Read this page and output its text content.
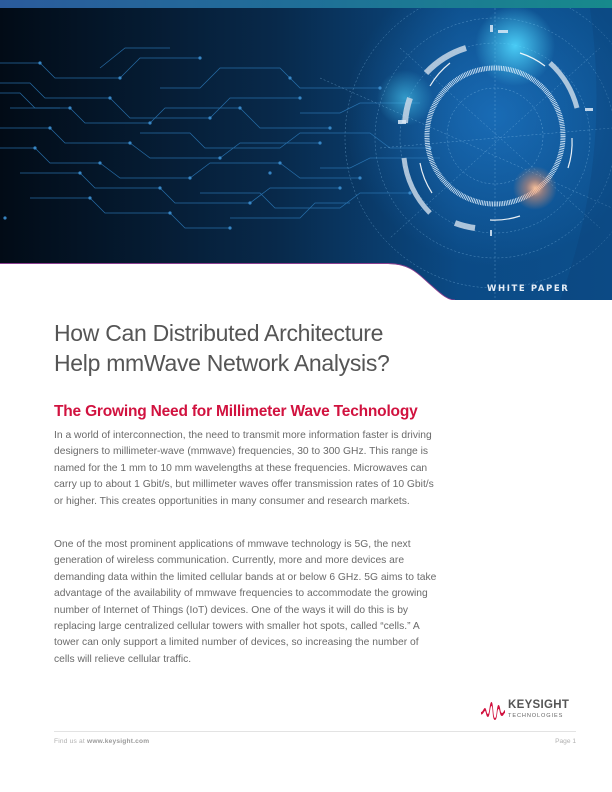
WHITE PAPER
How Can Distributed Architecture
Help mmWave Network Analysis?
The Growing Need for Millimeter Wave Technology

In a world of interconnection, the need to transmit more information faster is driving designers to millimeter-wave (mmwave) frequencies, 30 to 300 GHz. This range is named for the 1 mm to 10 mm wavelengths at these frequencies. Microwaves can carry up to about 1 Gbit/s, but millimeter waves offer transmission rates of 10 Gbit/s or higher. This creates opportunities in many consumer and research markets.

One of the most prominent applications of mmwave technology is 5G, the next generation of wireless communication. Currently, more and more devices are demanding data within the limited cellular bands at or below 6 GHz. 5G aims to take advantage of the availability of mmwave frequencies to accommodate the growing number of Internet of Things (IoT) devices. One of the ways it will do this is by replacing large centralized cellular towers with smaller hot spots, called “cells.” A tower can only support a limited number of devices, so increasing the number of cells will relieve cellular traffic.

KEYSIGHT
TECHNOLOGIES
Find us at www.keysight.com	Page 1
